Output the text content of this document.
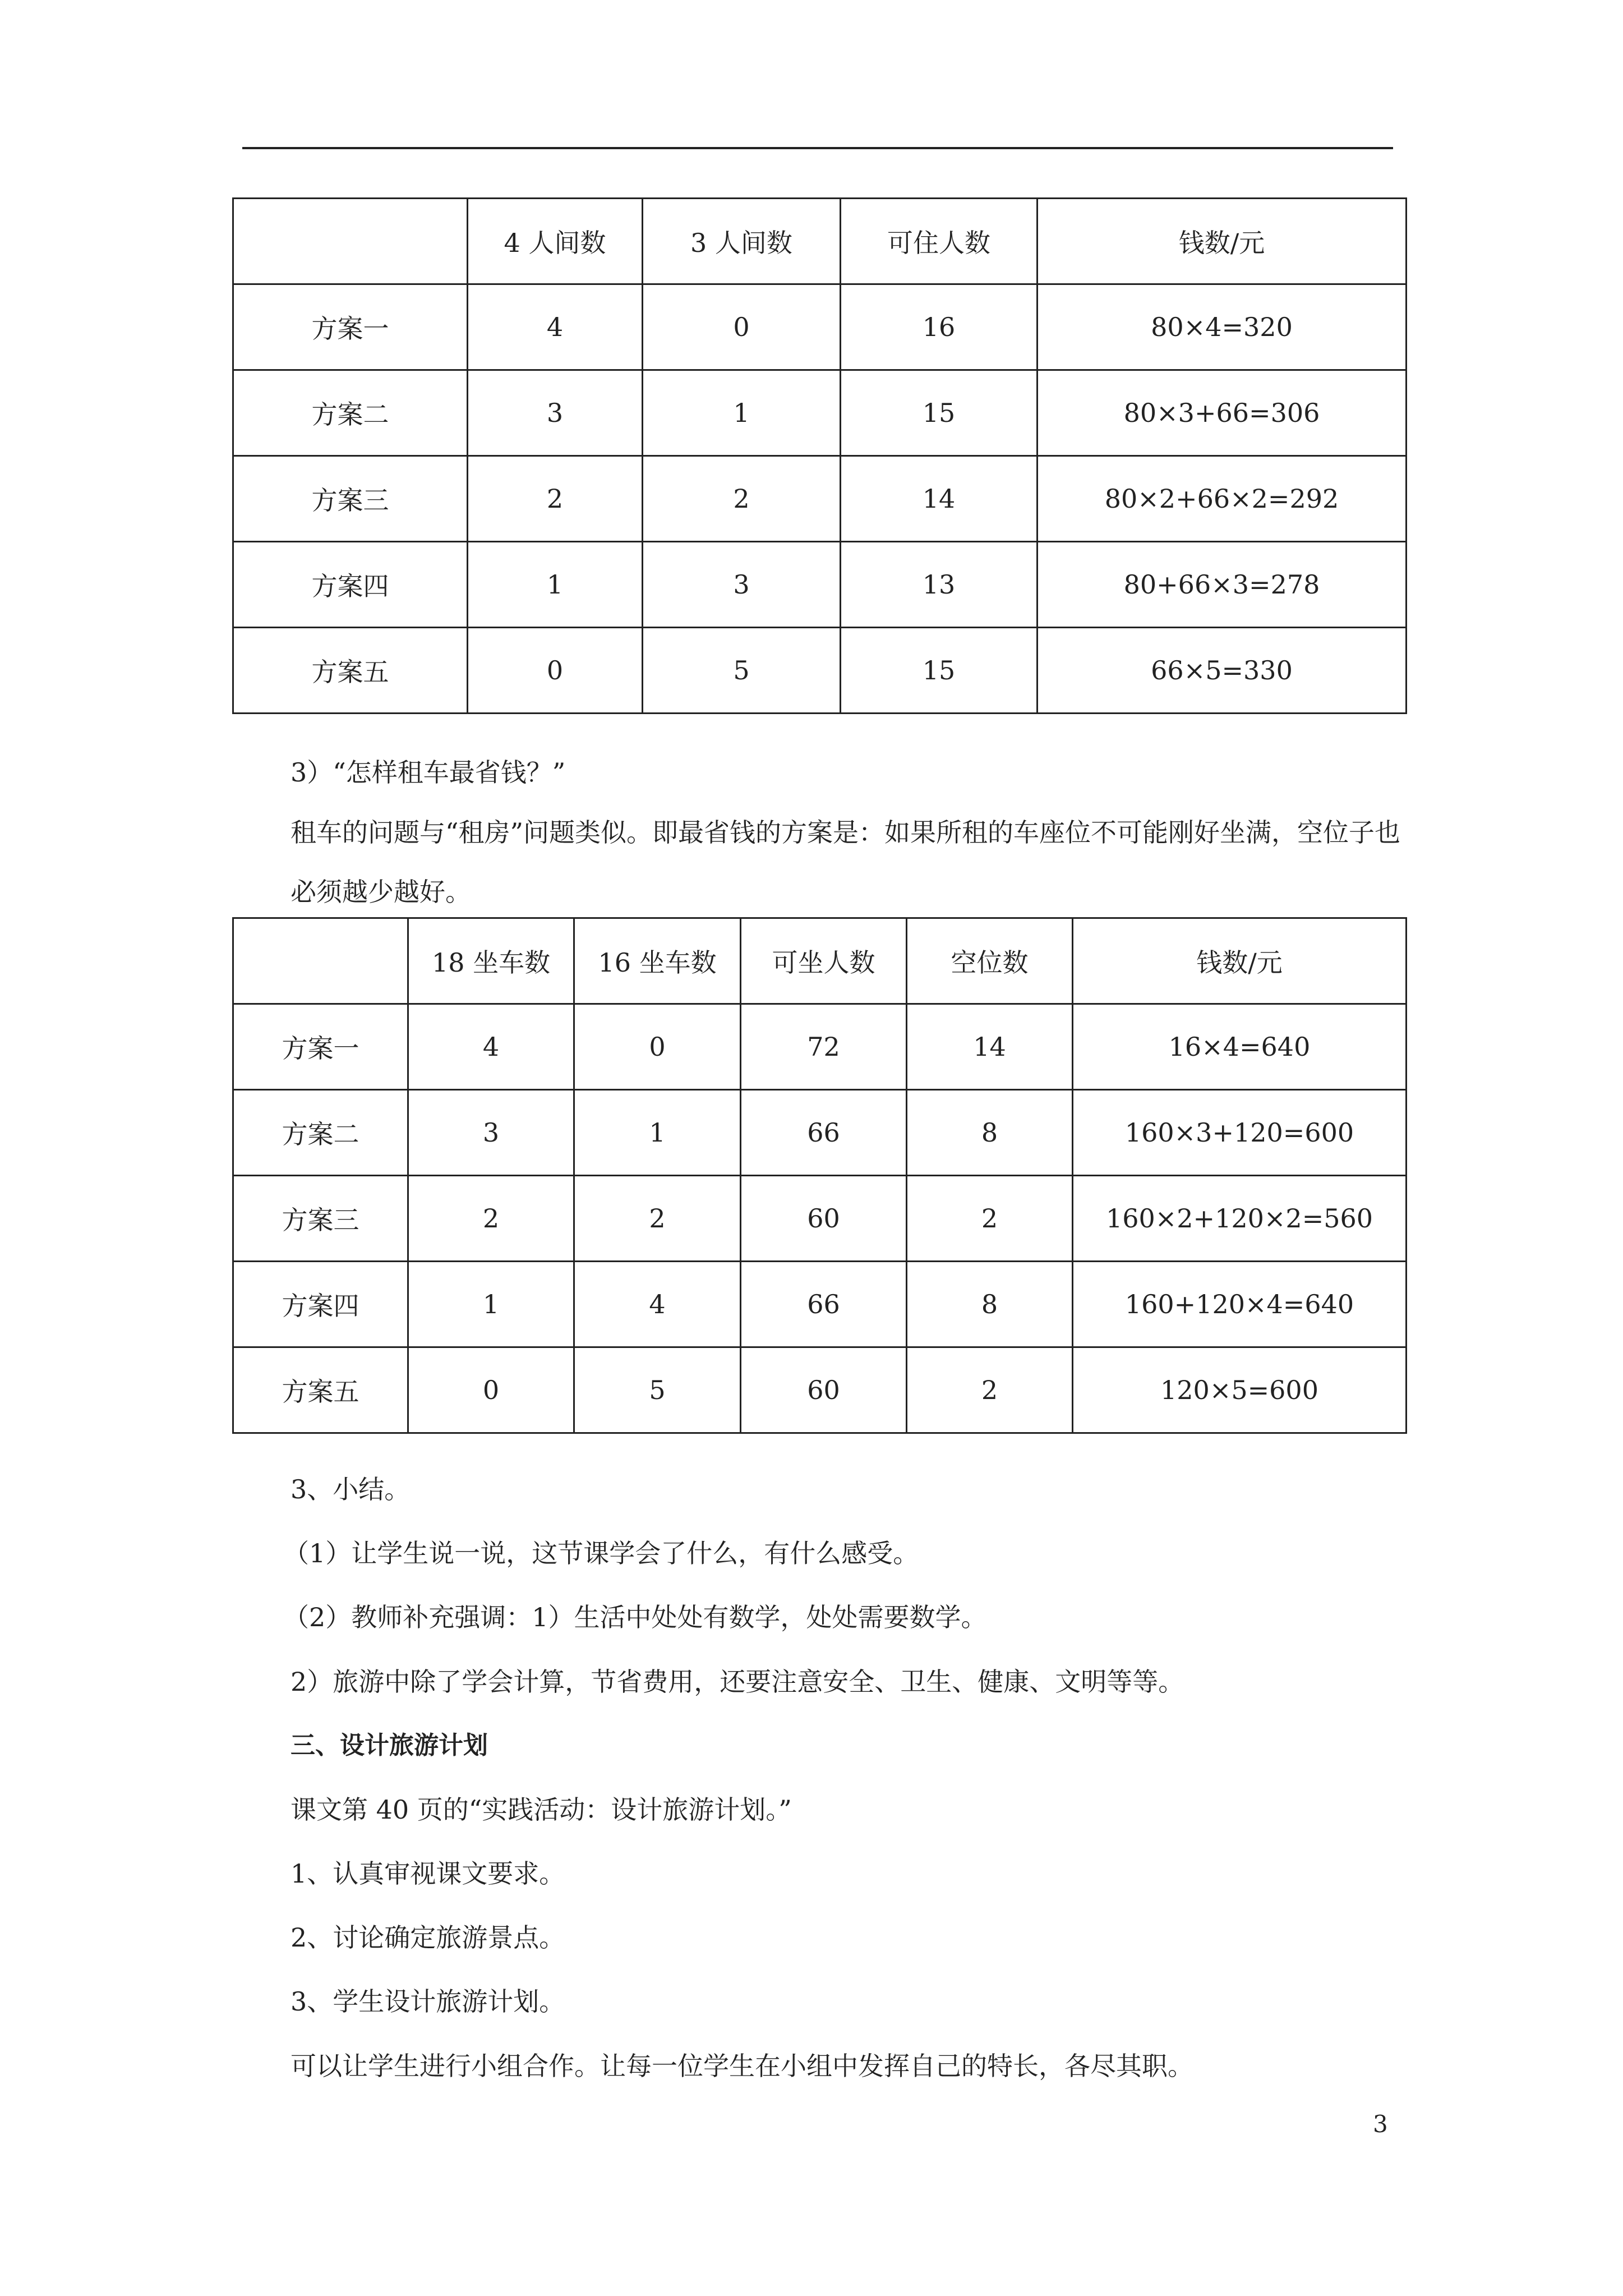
	4 人间数	3 人间数	可住人数	钱数/元
方案一	4	0	16	80×4=320
方案二	3	1	15	80×3+66=306
方案三	2	2	14	80×2+66×2=292
方案四	1	3	13	80+66×3=278
方案五	0	5	15	66×5=330
3）“怎样租车最省钱？”
租车的问题与“租房”问题类似。即最省钱的方案是：如果所租的车座位不可能刚好坐满，空位子也必须越少越好。
	18 坐车数	16 坐车数	可坐人数	空位数	钱数/元
方案一	4	0	72	14	16×4=640
方案二	3	1	66	8	160×3+120=600
方案三	2	2	60	2	160×2+120×2=560
方案四	1	4	66	8	160+120×4=640
方案五	0	5	60	2	120×5=600
3、小结。
（1）让学生说一说，这节课学会了什么，有什么感受。
（2）教师补充强调：1）生活中处处有数学，处处需要数学。
2）旅游中除了学会计算，节省费用，还要注意安全、卫生、健康、文明等等。
三、设计旅游计划
课文第 40 页的“实践活动：设计旅游计划。”
1、认真审视课文要求。
2、讨论确定旅游景点。
3、学生设计旅游计划。
可以让学生进行小组合作。让每一位学生在小组中发挥自己的特长，各尽其职。
3
